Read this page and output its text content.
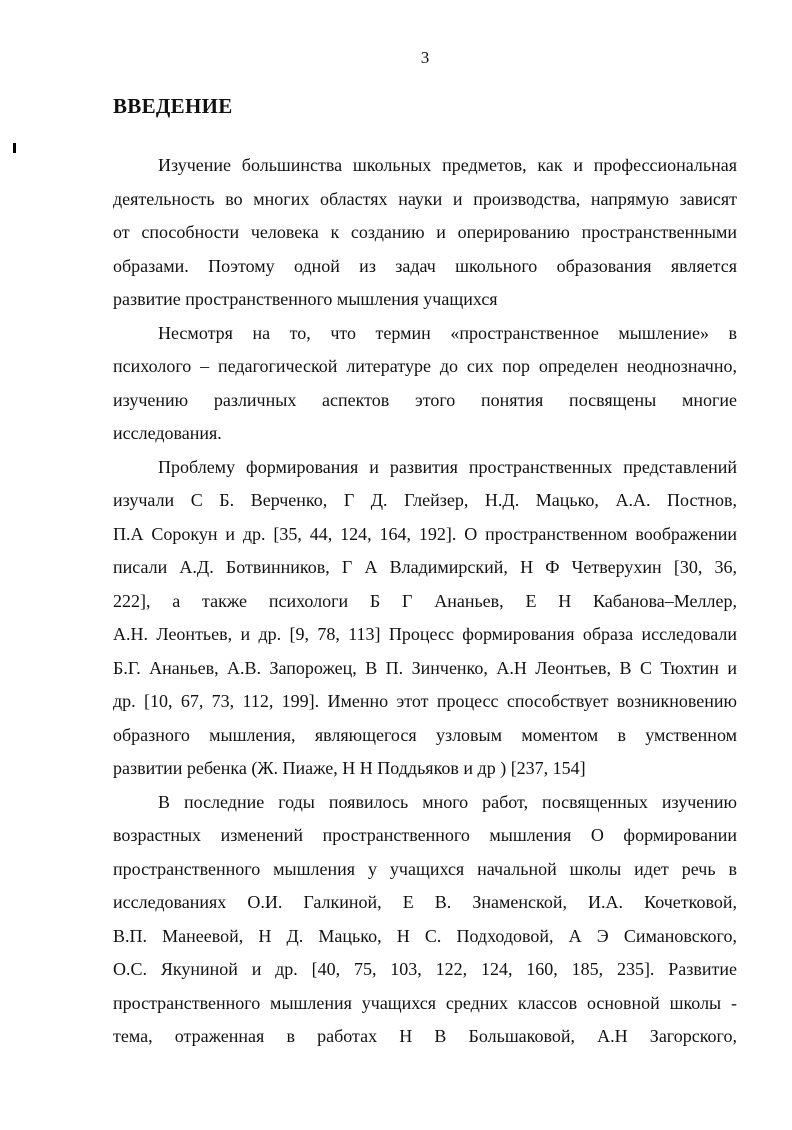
3
ВВЕДЕНИЕ
Изучение большинства школьных предметов, как и профессиональная
деятельность во многих областях науки и производства, напрямую зависят
от способности человека к созданию и оперированию пространственными
образами. Поэтому одной из задач школьного образования является
развитие пространственного мышления учащихся
Несмотря на то, что термин «пространственное мышление» в
психолого – педагогической литературе до сих пор определен неоднозначно,
изучению различных аспектов этого понятия посвящены многие
исследования.
Проблему формирования и развития пространственных представлений
изучали С Б. Верченко, Г Д. Глейзер, Н.Д. Мацько, А.А. Постнов,
П.А Сорокун и др. [35, 44, 124, 164, 192]. О пространственном воображении
писали А.Д. Ботвинников, Г А Владимирский, Н Ф Четверухин [30, 36,
222], а также психологи Б Г Ананьев, Е Н Кабанова–Меллер,
А.Н. Леонтьев, и др. [9, 78, 113] Процесс формирования образа исследовали
Б.Г. Ананьев, А.В. Запорожец, В П. Зинченко, А.Н Леонтьев, В С Тюхтин и
др. [10, 67, 73, 112, 199]. Именно этот процесс способствует возникновению
образного мышления, являющегося узловым моментом в умственном
развитии ребенка (Ж. Пиаже, Н Н Поддьяков и др ) [237, 154]
В последние годы появилось много работ, посвященных изучению
возрастных изменений пространственного мышления О формировании
пространственного мышления у учащихся начальной школы идет речь в
исследованиях О.И. Галкиной, Е В. Знаменской, И.А. Кочетковой,
В.П. Манеевой, Н Д. Мацько, Н С. Подходовой, А Э Симановского,
О.С. Якуниной и др. [40, 75, 103, 122, 124, 160, 185, 235]. Развитие
пространственного мышления учащихся средних классов основной школы -
тема, отраженная в работах Н В Большаковой, А.Н Загорского,
